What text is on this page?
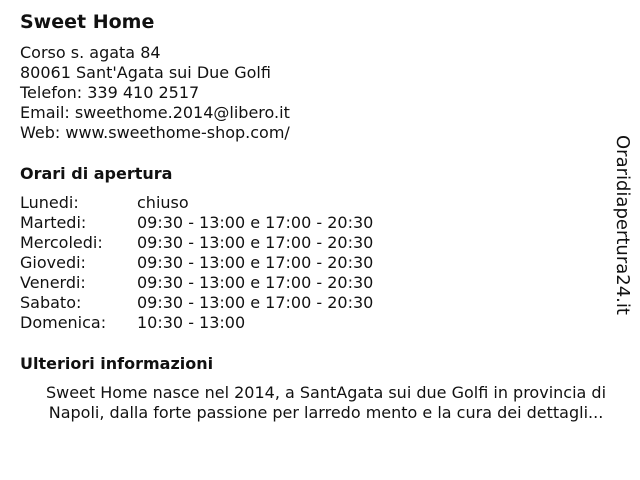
Sweet Home
Corso s. agata 84
80061 Sant'Agata sui Due Golfi
Telefon: 339 410 2517
Email: sweethome.2014@libero.it
Web: www.sweethome-shop.com/
Orari di apertura
Lunedi:	chiuso
Martedi:	09:30 - 13:00 e 17:00 - 20:30
Mercoledi:	09:30 - 13:00 e 17:00 - 20:30
Giovedi:	09:30 - 13:00 e 17:00 - 20:30
Venerdi:	09:30 - 13:00 e 17:00 - 20:30
Sabato:	09:30 - 13:00 e 17:00 - 20:30
Domenica:	10:30 - 13:00
Ulteriori informazioni

Sweet Home nasce nel 2014, a SantAgata sui due Golfi in provincia di
Napoli, dalla forte passione per larredo mento e la cura dei dettagli...

Oraridiapertura24.it
